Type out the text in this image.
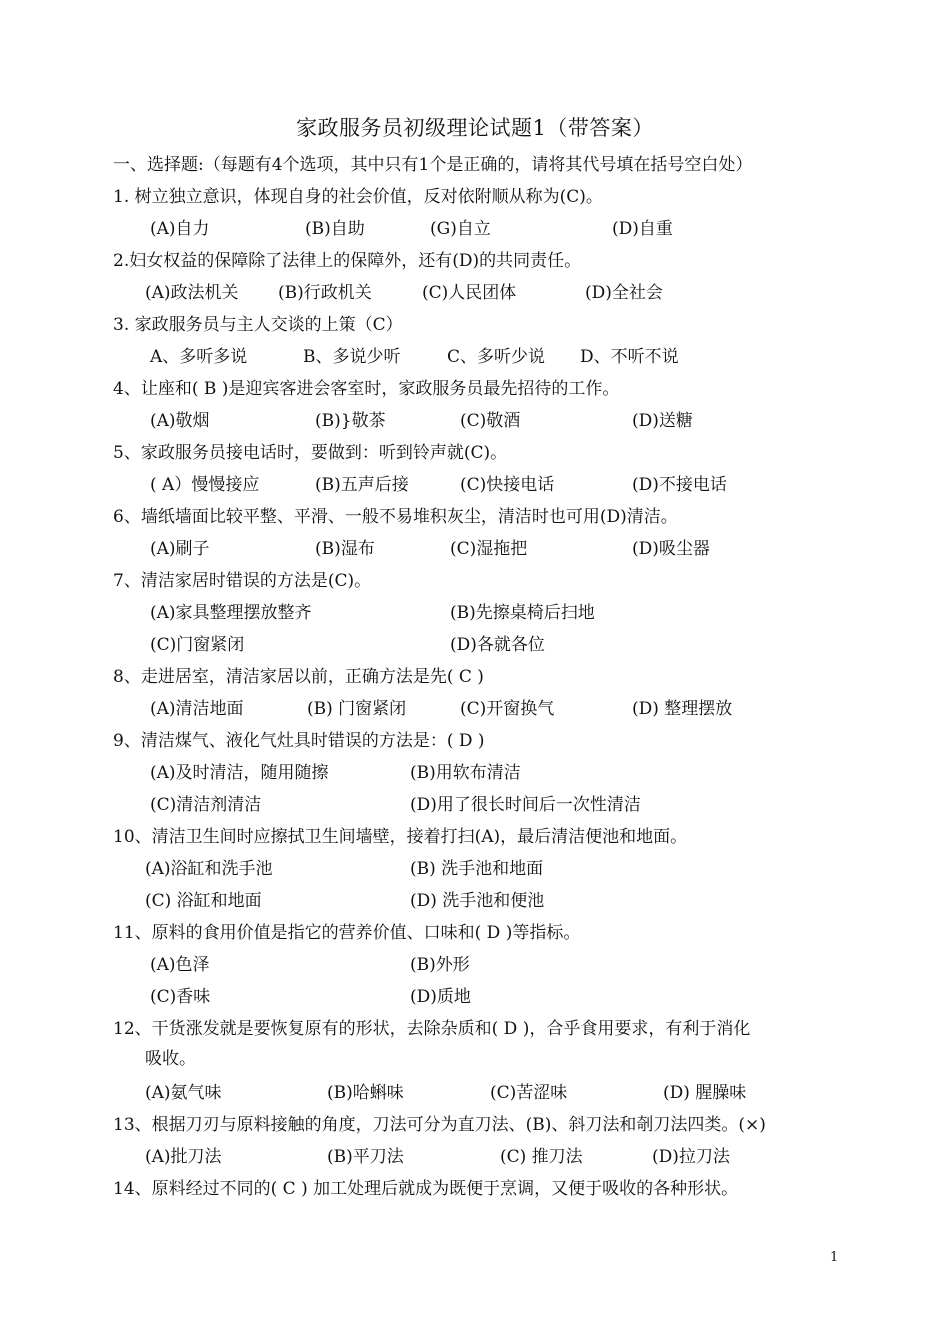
家政服务员初级理论试题1（带答案）
一、选择题:（每题有4个选项，其中只有1个是正确的，请将其代号填在括号空白处）
1. 树立独立意识，体现自身的社会价值，反对依附顺从称为(C)。
(A)自力	(B)自助	(G)自立	(D)自重
2.妇女权益的保障除了法律上的保障外，还有(D)的共同责任。
(A)政法机关 (B)行政机关	(C)人民团体	(D)全社会
3. 家政服务员与主人交谈的上策（C）
A、多听多说	B、多说少听	C、多听少说 D、不听不说
4、让座和( B )是迎宾客进会客室时，家政服务员最先招待的工作。
(A)敬烟	(B)}敬茶	(C)敬酒	(D)送糖
5、家政服务员接电话时，要做到：听到铃声就(C)。
( A）慢慢接应	(B)五声后接	(C)快接电话	(D)不接电话
6、墙纸墙面比较平整、平滑、一般不易堆积灰尘，清洁时也可用(D)清洁。
(A)刷子	(B)湿布	(C)湿拖把	(D)吸尘器
7、清洁家居时错误的方法是(C)。
(A)家具整理摆放整齐	(B)先擦桌椅后扫地
(C)门窗紧闭	(D)各就各位
8、走进居室，清洁家居以前，正确方法是先( C )
(A)清洁地面	(B) 门窗紧闭	(C)开窗换气	(D) 整理摆放
9、清洁煤气、液化气灶具时错误的方法是：( D )
(A)及时清洁，随用随擦	(B)用软布清洁
(C)清洁剂清洁	(D)用了很长时间后一次性清洁
10、清洁卫生间时应擦拭卫生间墙壁，接着打扫(A)，最后清洁便池和地面。
(A)浴缸和洗手池	(B) 洗手池和地面
(C) 浴缸和地面	(D) 洗手池和便池
11、原料的食用价值是指它的营养价值、口味和( D )等指标。
(A)色泽	(B)外形
(C)香味	(D)质地
12、干货涨发就是要恢复原有的形状，去除杂质和( D )，合乎食用要求，有利于消化
吸收。
(A)氨气味	(B)哈蝌味	(C)苦涩味	(D) 腥臊味
13、根据刀刃与原料接触的角度，刀法可分为直刀法、(B)、斜刀法和剞刀法四类。(×)
(A)批刀法	(B)平刀法	(C) 推刀法	(D)拉刀法
14、原料经过不同的( C ) 加工处理后就成为既便于烹调，又便于吸收的各种形状。
1
